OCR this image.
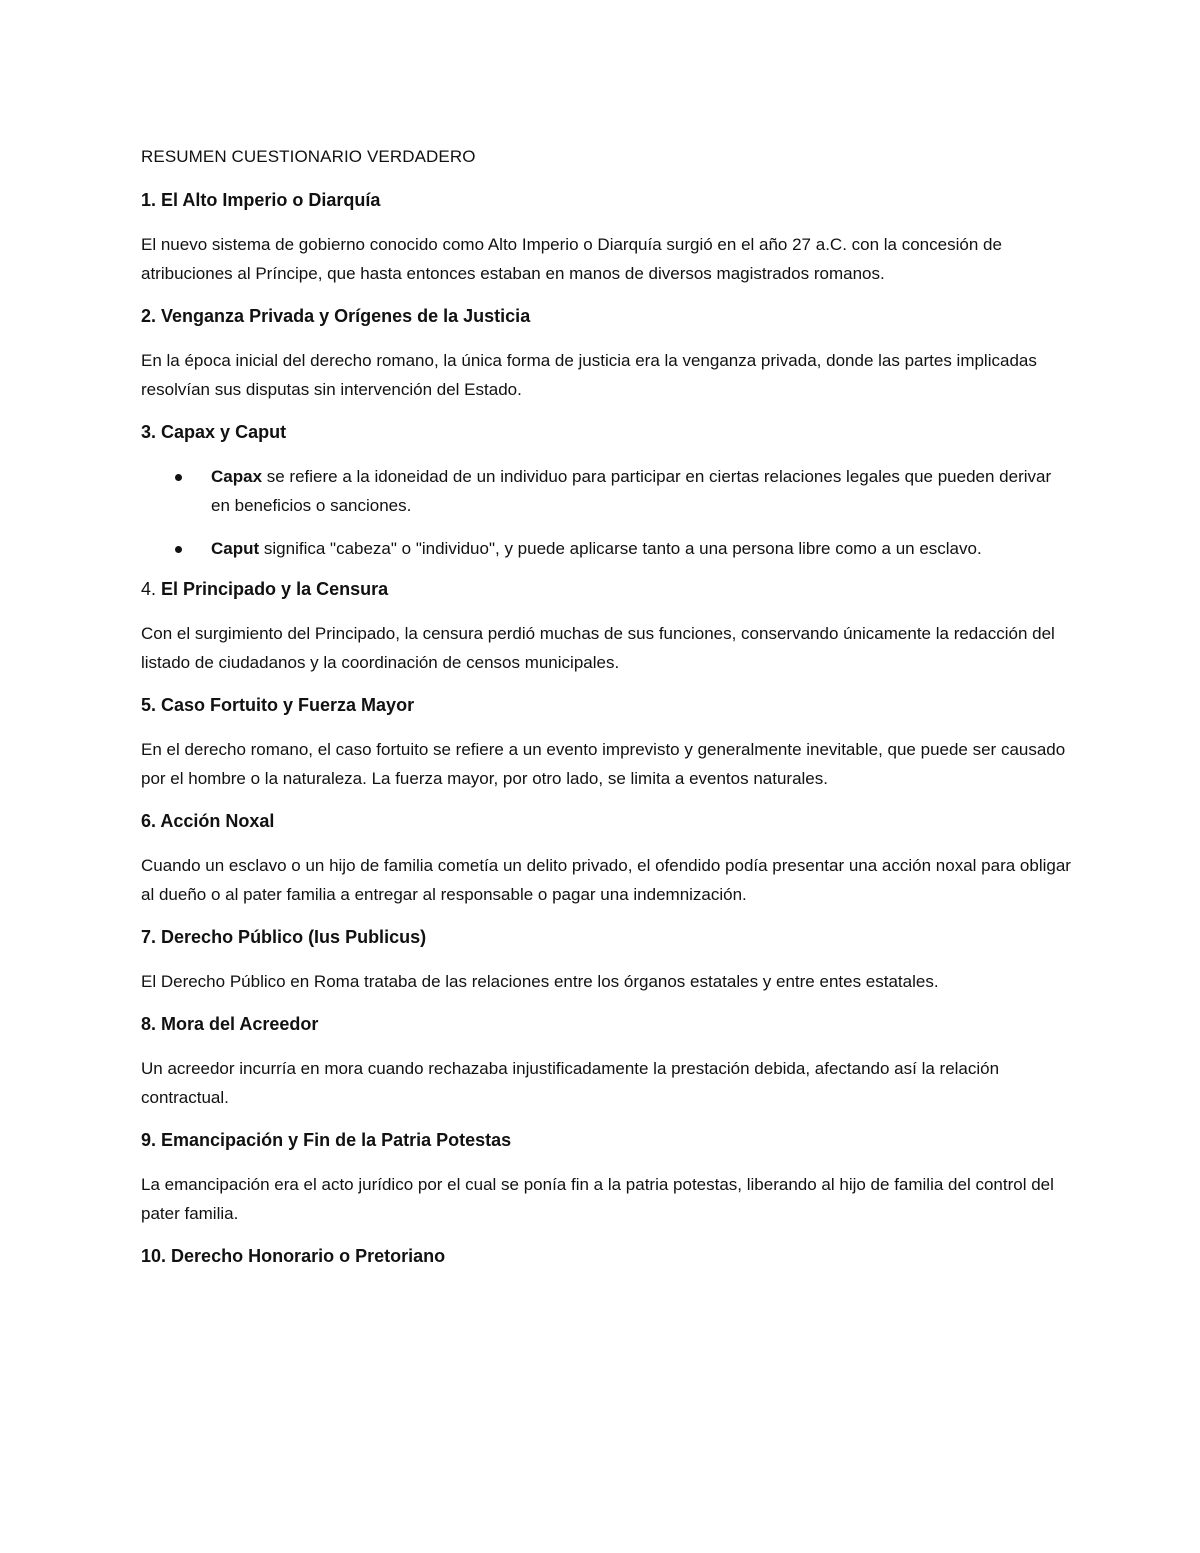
RESUMEN CUESTIONARIO VERDADERO

1. El Alto Imperio o Diarquía

El nuevo sistema de gobierno conocido como Alto Imperio o Diarquía surgió en el año 27 a.C. con la concesión de atribuciones al Príncipe, que hasta entonces estaban en manos de diversos magistrados romanos.

2. Venganza Privada y Orígenes de la Justicia

En la época inicial del derecho romano, la única forma de justicia era la venganza privada, donde las partes implicadas resolvían sus disputas sin intervención del Estado.

3. Capax y Caput
Capax se refiere a la idoneidad de un individuo para participar en ciertas relaciones legales que pueden derivar en beneficios o sanciones.
Caput significa "cabeza" o "individuo", y puede aplicarse tanto a una persona libre como a un esclavo.
4. El Principado y la Censura

Con el surgimiento del Principado, la censura perdió muchas de sus funciones, conservando únicamente la redacción del listado de ciudadanos y la coordinación de censos municipales.

5. Caso Fortuito y Fuerza Mayor

En el derecho romano, el caso fortuito se refiere a un evento imprevisto y generalmente inevitable, que puede ser causado por el hombre o la naturaleza. La fuerza mayor, por otro lado, se limita a eventos naturales.

6. Acción Noxal

Cuando un esclavo o un hijo de familia cometía un delito privado, el ofendido podía presentar una acción noxal para obligar al dueño o al pater familia a entregar al responsable o pagar una indemnización.

7. Derecho Público (Ius Publicus)

El Derecho Público en Roma trataba de las relaciones entre los órganos estatales y entre entes estatales.

8. Mora del Acreedor

Un acreedor incurría en mora cuando rechazaba injustificadamente la prestación debida, afectando así la relación contractual.

9. Emancipación y Fin de la Patria Potestas

La emancipación era el acto jurídico por el cual se ponía fin a la patria potestas, liberando al hijo de familia del control del pater familia.

10. Derecho Honorario o Pretoriano
